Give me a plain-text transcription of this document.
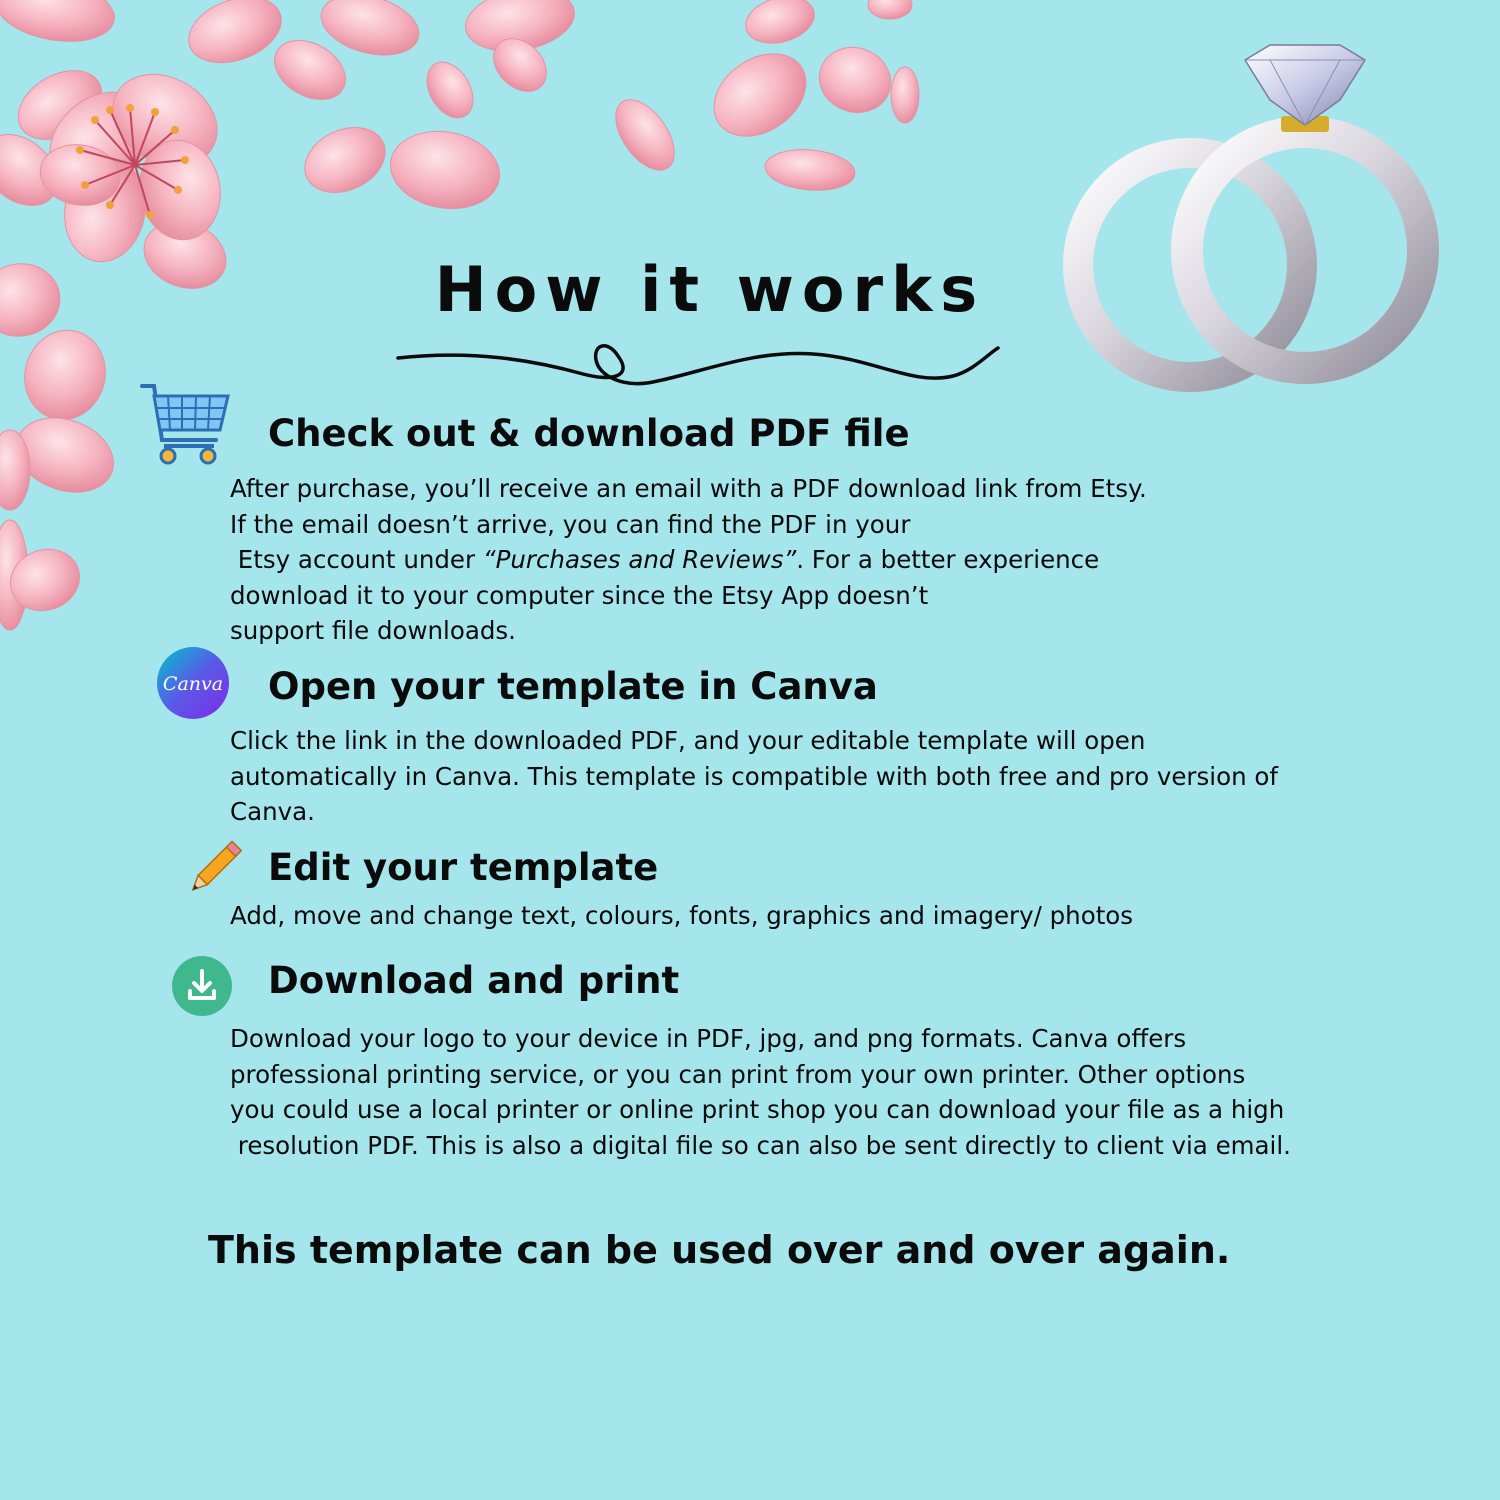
How it works
Check out & download PDF file

After purchase, you’ll receive an email with a PDF download link from Etsy.
If the email doesn’t arrive, you can find the PDF in your
Etsy account under “Purchases and Reviews”. For a better experience
download it to your computer since the Etsy App doesn’t
support file downloads.

Canva Open your template in Canva

Click the link in the downloaded PDF, and your editable template will open
automatically in Canva. This template is compatible with both free and pro version of
Canva.

Edit your template

Add, move and change text, colours, fonts, graphics and imagery/ photos

Download and print

Download your logo to your device in PDF, jpg, and png formats. Canva offers
professional printing service, or you can print from your own printer. Other options
you could use a local printer or online print shop you can download your file as a high
resolution PDF. This is also a digital file so can also be sent directly to client via email.

This template can be used over and over again.
